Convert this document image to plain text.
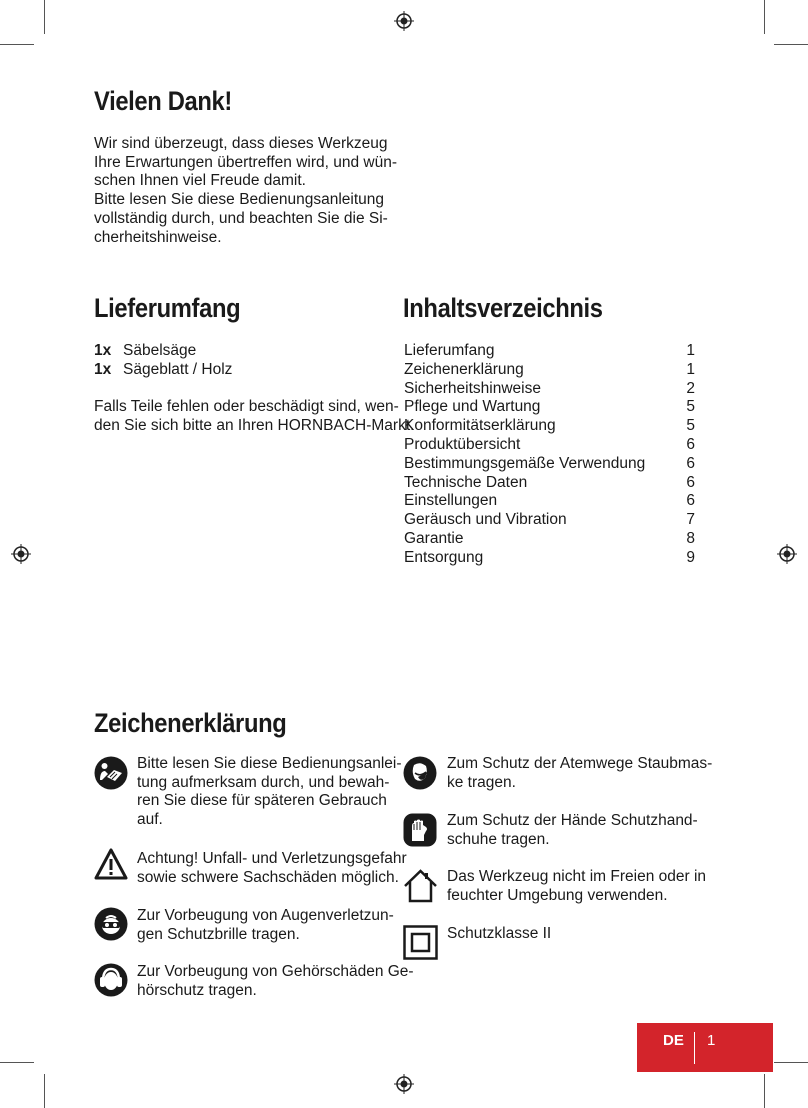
Vielen Dank!
Wir sind überzeugt, dass dieses Werkzeug
Ihre Erwartungen übertreffen wird, und wün-
schen Ihnen viel Freude damit.
Bitte lesen Sie diese Bedienungsanleitung
vollständig durch, und beachten Sie die Si-
cherheitshinweise.
Lieferumfang
1x Säbelsäge
1x Sägeblatt / Holz
Falls Teile fehlen oder beschädigt sind, wen-
den Sie sich bitte an Ihren HORNBACH-Markt.
Inhaltsverzeichnis
Lieferumfang	1
Zeichenerklärung	1
Sicherheitshinweise	2
Pflege und Wartung	5
Konformitätserklärung	5
Produktübersicht	6
Bestimmungsgemäße Verwendung	6
Technische Daten	6
Einstellungen	6
Geräusch und Vibration	7
Garantie	8
Entsorgung	9
Zeichenerklärung
Bitte lesen Sie diese Bedienungsanlei-
tung aufmerksam durch, und bewah-
ren Sie diese für späteren Gebrauch
auf.
Achtung! Unfall- und Verletzungsgefahr
sowie schwere Sachschäden möglich.
Zur Vorbeugung von Augenverletzun-
gen Schutzbrille tragen.
Zur Vorbeugung von Gehörschäden Ge-
hörschutz tragen.
Zum Schutz der Atemwege Staubmas-
ke tragen.
Zum Schutz der Hände Schutzhand-
schuhe tragen.
Das Werkzeug nicht im Freien oder in
feuchter Umgebung verwenden.
Schutzklasse II
DE 1
